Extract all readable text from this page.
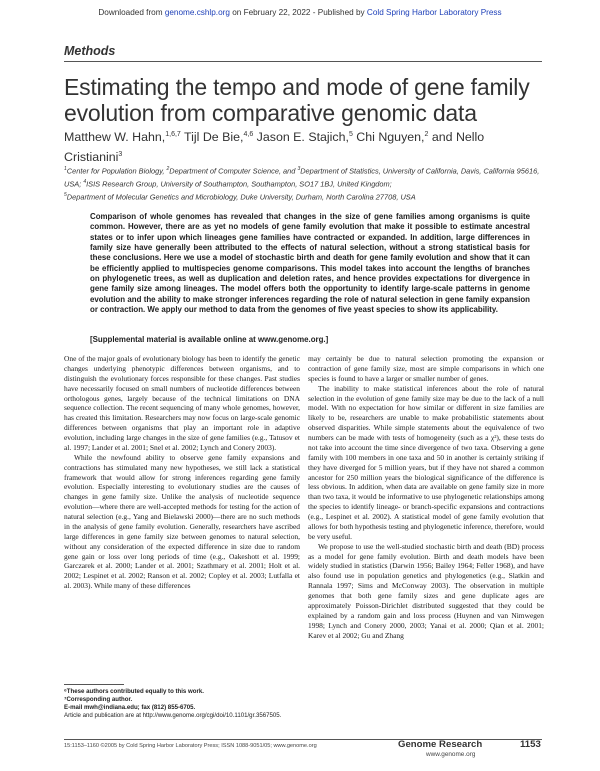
Downloaded from genome.cshlp.org on February 22, 2022 - Published by Cold Spring Harbor Laboratory Press
Methods
Estimating the tempo and mode of gene family evolution from comparative genomic data
Matthew W. Hahn,$^{1,6,7}$ Tijl De Bie,$^{4,6}$ Jason E. Stajich,$^5$ Chi Nguyen,$^2$ and Nello Cristianini$^3$
$^1$Center for Population Biology, $^2$Department of Computer Science, and $^3$Department of Statistics, University of California, Davis, California 95616, USA; $^4$ISIS Research Group, University of Southampton, Southampton, SO17 1BJ, United Kingdom;
$^5$Department of Molecular Genetics and Microbiology, Duke University, Durham, North Carolina 27708, USA
Comparison of whole genomes has revealed that changes in the size of gene families among organisms is quite common. However, there are as yet no models of gene family evolution that make it possible to estimate ancestral states or to infer upon which lineages gene families have contracted or expanded. In addition, large differences in family size have generally been attributed to the effects of natural selection, without a strong statistical basis for these conclusions. Here we use a model of stochastic birth and death for gene family evolution and show that it can be efficiently applied to multispecies genome comparisons. This model takes into account the lengths of branches on phylogenetic trees, as well as duplication and deletion rates, and hence provides expectations for divergence in gene family size among lineages. The model offers both the opportunity to identify large-scale patterns in genome evolution and the ability to make stronger inferences regarding the role of natural selection in gene family expansion or contraction. We apply our method to data from the genomes of five yeast species to show its applicability.
[Supplemental material is available online at www.genome.org.]

One of the major goals of evolutionary biology has been to identify the genetic changes underlying phenotypic differences between organisms, and to distinguish the evolutionary forces responsible for these changes. Past studies have necessarily focused on small numbers of nucleotide differences between orthologous genes, largely because of the technical limitations on DNA sequence collection. The recent sequencing of many whole genomes, however, has created this limitation. Researchers may now focus on large-scale genomic differences between organisms that play an important role in adaptive evolution, including large changes in the size of gene families (e.g., Tatusov et al. 1997; Lander et al. 2001; Snel et al. 2002; Lynch and Conery 2003).

While the newfound ability to observe gene family expansions and contractions has stimulated many new hypotheses, we still lack a statistical framework that would allow for strong inferences regarding gene family evolution. Especially interesting to evolutionary studies are the causes of changes in gene family size. Unlike the analysis of nucleotide sequence evolution—where there are well-accepted methods for testing for the action of natural selection (e.g., Yang and Bielawski 2000)—there are no such methods in the analysis of gene family evolution. Generally, researchers have ascribed large differences in gene family size between genomes to natural selection, without any consideration of the expected difference in size due to random gene gain or loss over long periods of time (e.g., Oakeshott et al. 1999; Garczarek et al. 2000; Lander et al. 2001; Szathmary et al. 2001; Holt et al. 2002; Lespinet et al. 2002; Ranson et al. 2002; Copley et al. 2003; Lutfalla et al. 2003). While many of these differences

may certainly be due to natural selection promoting the expansion or contraction of gene family size, most are simple comparisons in which one species is found to have a larger or smaller number of genes.

The inability to make statistical inferences about the role of natural selection in the evolution of gene family size may be due to the lack of a null model. With no expectation for how similar or different in size families are likely to be, researchers are unable to make probabilistic statements about observed disparities. While simple statements about the equivalence of two numbers can be made with tests of homogeneity (such as a χ²), these tests do not take into account the time since divergence of two taxa. Observing a gene family with 100 members in one taxa and 50 in another is certainly striking if they have diverged for 5 million years, but if they have not shared a common ancestor for 250 million years the biological significance of the difference is less obvious. In addition, when data are available on gene family size in more than two taxa, it would be informative to use phylogenetic relationships among the species to identify lineage- or branch-specific expansions and contractions (e.g., Lespinet et al. 2002). A statistical model of gene family evolution that allows for both hypothesis testing and phylogenetic inference, therefore, would be very useful.

We propose to use the well-studied stochastic birth and death (BD) process as a model for gene family evolution. Birth and death models have been widely studied in statistics (Darwin 1956; Bailey 1964; Feller 1968), and have also found use in population genetics and phylogenetics (e.g., Slatkin and Rannala 1997; Sims and McConway 2003). The observation in multiple genomes that both gene family sizes and gene duplicate ages are approximately Poisson-Dirichlet distributed suggested that they could be explained by a random gain and loss process (Huynen and van Nimwegen 1998; Lynch and Conery 2000, 2003; Yanai et al. 2000; Qian et al. 2001; Karev et al 2002; Gu and Zhang

⁶These authors contributed equally to this work.
⁷Corresponding author.
E-mail mwh@indiana.edu; fax (812) 855-6705.
Article and publication are at http://www.genome.org/cgi/doi/10.1101/gr.3567505.
15:1153–1160 ©2005 by Cold Spring Harbor Laboratory Press; ISSN 1088-9051/05; www.genome.org	Genome Research	1153
www.genome.org
